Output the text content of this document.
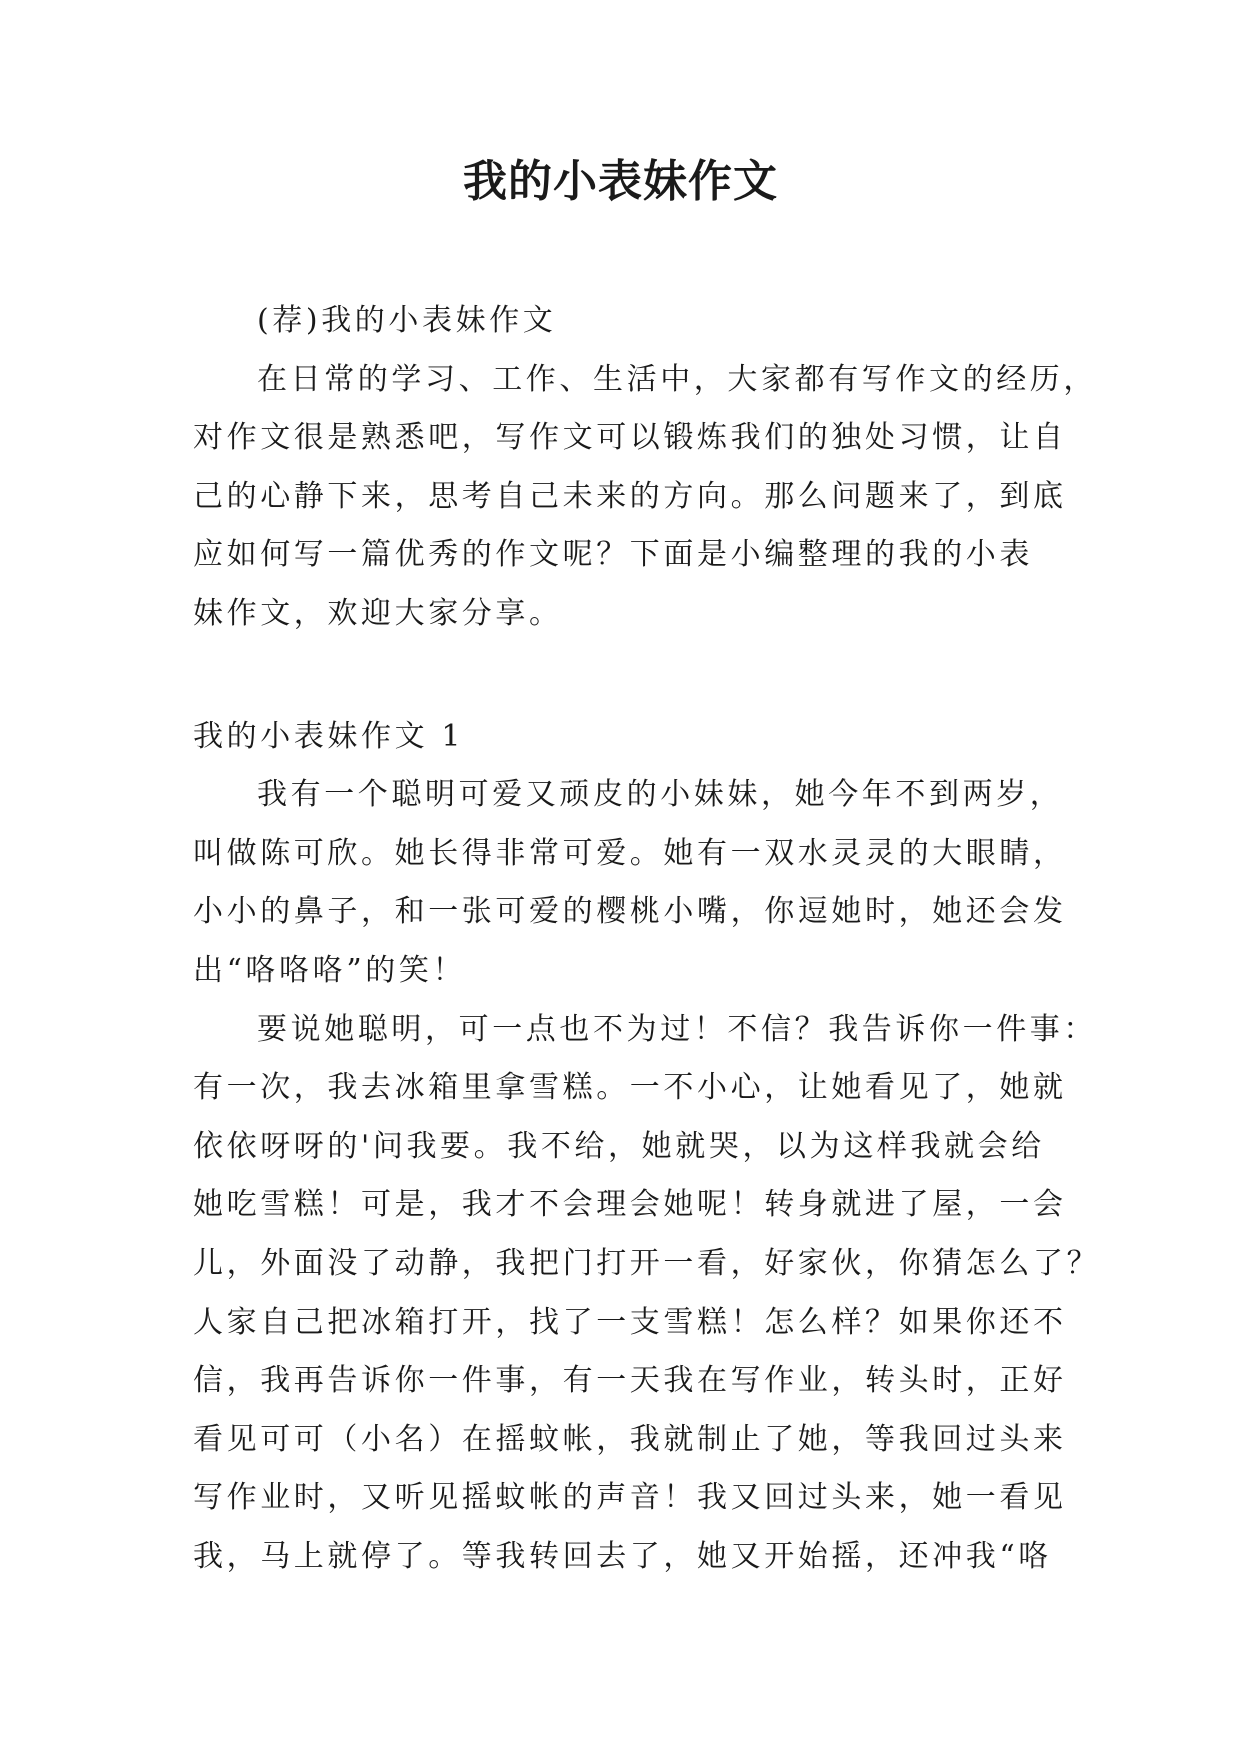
我的小表妹作文
(荐)我的小表妹作文
在日常的学习、工作、生活中，大家都有写作文的经历，
对作文很是熟悉吧，写作文可以锻炼我们的独处习惯，让自
己的心静下来，思考自己未来的方向。那么问题来了，到底
应如何写一篇优秀的作文呢？下面是小编整理的我的小表
妹作文，欢迎大家分享。
我的小表妹作文 1
我有一个聪明可爱又顽皮的小妹妹，她今年不到两岁，
叫做陈可欣。她长得非常可爱。她有一双水灵灵的大眼睛，
小小的鼻子，和一张可爱的樱桃小嘴，你逗她时，她还会发
出“咯咯咯”的笑！
要说她聪明，可一点也不为过！不信？我告诉你一件事：
有一次，我去冰箱里拿雪糕。一不小心，让她看见了，她就
依依呀呀的'问我要。我不给，她就哭，以为这样我就会给
她吃雪糕！可是，我才不会理会她呢！转身就进了屋，一会
儿，外面没了动静，我把门打开一看，好家伙，你猜怎么了？
人家自己把冰箱打开，找了一支雪糕！怎么样？如果你还不
信，我再告诉你一件事，有一天我在写作业，转头时，正好
看见可可（小名）在摇蚊帐，我就制止了她，等我回过头来
写作业时，又听见摇蚊帐的声音！我又回过头来，她一看见
我，马上就停了。等我转回去了，她又开始摇，还冲我“咯
